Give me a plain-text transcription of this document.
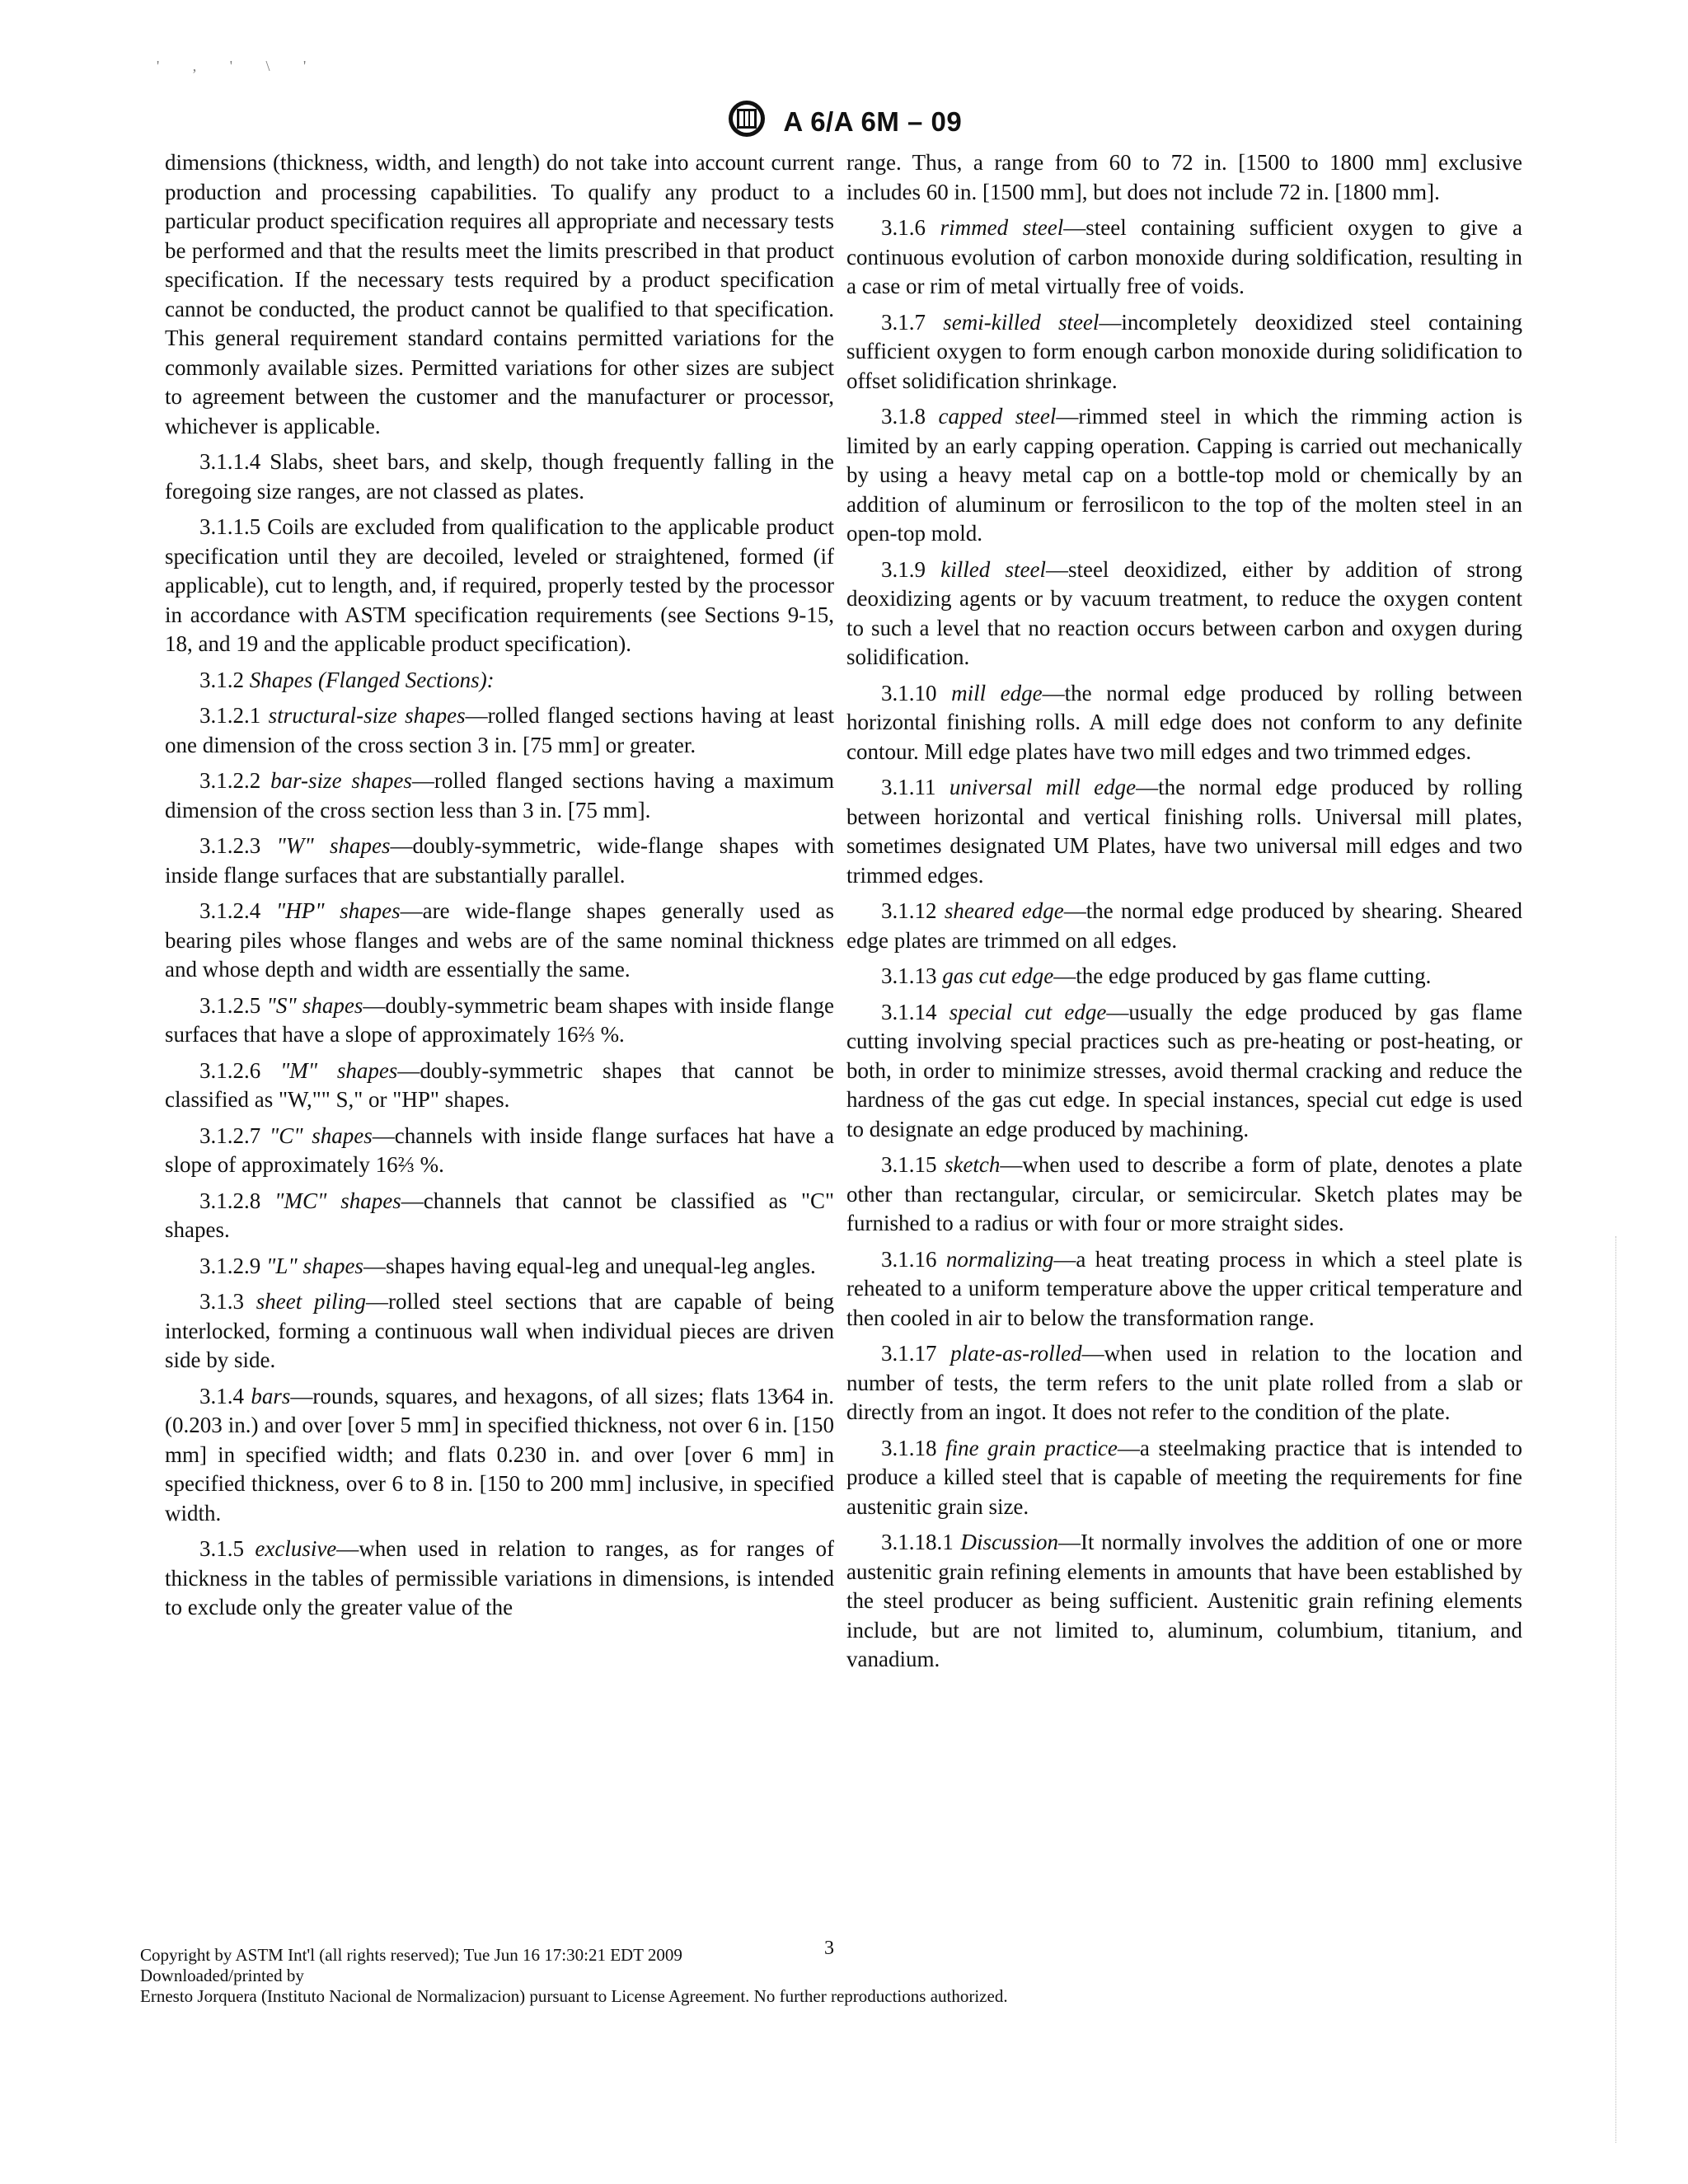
' , ' \ '
A 6/A 6M – 09

dimensions (thickness, width, and length) do not take into account current production and processing capabilities. To qualify any product to a particular product specification requires all appropriate and necessary tests be performed and that the results meet the limits prescribed in that product specification. If the necessary tests required by a product specification cannot be conducted, the product cannot be qualified to that specification. This general requirement standard contains permitted variations for the commonly available sizes. Permitted variations for other sizes are subject to agreement between the customer and the manufacturer or processor, whichever is applicable.

3.1.1.4 Slabs, sheet bars, and skelp, though frequently falling in the foregoing size ranges, are not classed as plates.

3.1.1.5 Coils are excluded from qualification to the applicable product specification until they are decoiled, leveled or straightened, formed (if applicable), cut to length, and, if required, properly tested by the processor in accordance with ASTM specification requirements (see Sections 9-15, 18, and 19 and the applicable product specification).

3.1.2 Shapes (Flanged Sections):

3.1.2.1 structural-size shapes—rolled flanged sections having at least one dimension of the cross section 3 in. [75 mm] or greater.

3.1.2.2 bar-size shapes—rolled flanged sections having a maximum dimension of the cross section less than 3 in. [75 mm].

3.1.2.3 "W" shapes—doubly-symmetric, wide-flange shapes with inside flange surfaces that are substantially parallel.

3.1.2.4 "HP" shapes—are wide-flange shapes generally used as bearing piles whose flanges and webs are of the same nominal thickness and whose depth and width are essentially the same.

3.1.2.5 "S" shapes—doubly-symmetric beam shapes with inside flange surfaces that have a slope of approximately 16⅔ %.

3.1.2.6 "M" shapes—doubly-symmetric shapes that cannot be classified as "W,"" S," or "HP" shapes.

3.1.2.7 "C" shapes—channels with inside flange surfaces hat have a slope of approximately 16⅔ %.

3.1.2.8 "MC" shapes—channels that cannot be classified as "C" shapes.

3.1.2.9 "L" shapes—shapes having equal-leg and unequal-leg angles.

3.1.3 sheet piling—rolled steel sections that are capable of being interlocked, forming a continuous wall when individual pieces are driven side by side.

3.1.4 bars—rounds, squares, and hexagons, of all sizes; flats 13⁄64 in. (0.203 in.) and over [over 5 mm] in specified thickness, not over 6 in. [150 mm] in specified width; and flats 0.230 in. and over [over 6 mm] in specified thickness, over 6 to 8 in. [150 to 200 mm] inclusive, in specified width.

3.1.5 exclusive—when used in relation to ranges, as for ranges of thickness in the tables of permissible variations in dimensions, is intended to exclude only the greater value of the

range. Thus, a range from 60 to 72 in. [1500 to 1800 mm] exclusive includes 60 in. [1500 mm], but does not include 72 in. [1800 mm].

3.1.6 rimmed steel—steel containing sufficient oxygen to give a continuous evolution of carbon monoxide during soldification, resulting in a case or rim of metal virtually free of voids.

3.1.7 semi-killed steel—incompletely deoxidized steel containing sufficient oxygen to form enough carbon monoxide during solidification to offset solidification shrinkage.

3.1.8 capped steel—rimmed steel in which the rimming action is limited by an early capping operation. Capping is carried out mechanically by using a heavy metal cap on a bottle-top mold or chemically by an addition of aluminum or ferrosilicon to the top of the molten steel in an open-top mold.

3.1.9 killed steel—steel deoxidized, either by addition of strong deoxidizing agents or by vacuum treatment, to reduce the oxygen content to such a level that no reaction occurs between carbon and oxygen during solidification.

3.1.10 mill edge—the normal edge produced by rolling between horizontal finishing rolls. A mill edge does not conform to any definite contour. Mill edge plates have two mill edges and two trimmed edges.

3.1.11 universal mill edge—the normal edge produced by rolling between horizontal and vertical finishing rolls. Universal mill plates, sometimes designated UM Plates, have two universal mill edges and two trimmed edges.

3.1.12 sheared edge—the normal edge produced by shearing. Sheared edge plates are trimmed on all edges.

3.1.13 gas cut edge—the edge produced by gas flame cutting.

3.1.14 special cut edge—usually the edge produced by gas flame cutting involving special practices such as pre-heating or post-heating, or both, in order to minimize stresses, avoid thermal cracking and reduce the hardness of the gas cut edge. In special instances, special cut edge is used to designate an edge produced by machining.

3.1.15 sketch—when used to describe a form of plate, denotes a plate other than rectangular, circular, or semicircular. Sketch plates may be furnished to a radius or with four or more straight sides.

3.1.16 normalizing—a heat treating process in which a steel plate is reheated to a uniform temperature above the upper critical temperature and then cooled in air to below the transformation range.

3.1.17 plate-as-rolled—when used in relation to the location and number of tests, the term refers to the unit plate rolled from a slab or directly from an ingot. It does not refer to the condition of the plate.

3.1.18 fine grain practice—a steelmaking practice that is intended to produce a killed steel that is capable of meeting the requirements for fine austenitic grain size.

3.1.18.1 Discussion—It normally involves the addition of one or more austenitic grain refining elements in amounts that have been established by the steel producer as being sufficient. Austenitic grain refining elements include, but are not limited to, aluminum, columbium, titanium, and vanadium.

Copyright by ASTM Int'l (all rights reserved); Tue Jun 16 17:30:21 EDT 2009	3
Downloaded/printed by
Ernesto Jorquera (Instituto Nacional de Normalizacion) pursuant to License Agreement. No further reproductions authorized.
